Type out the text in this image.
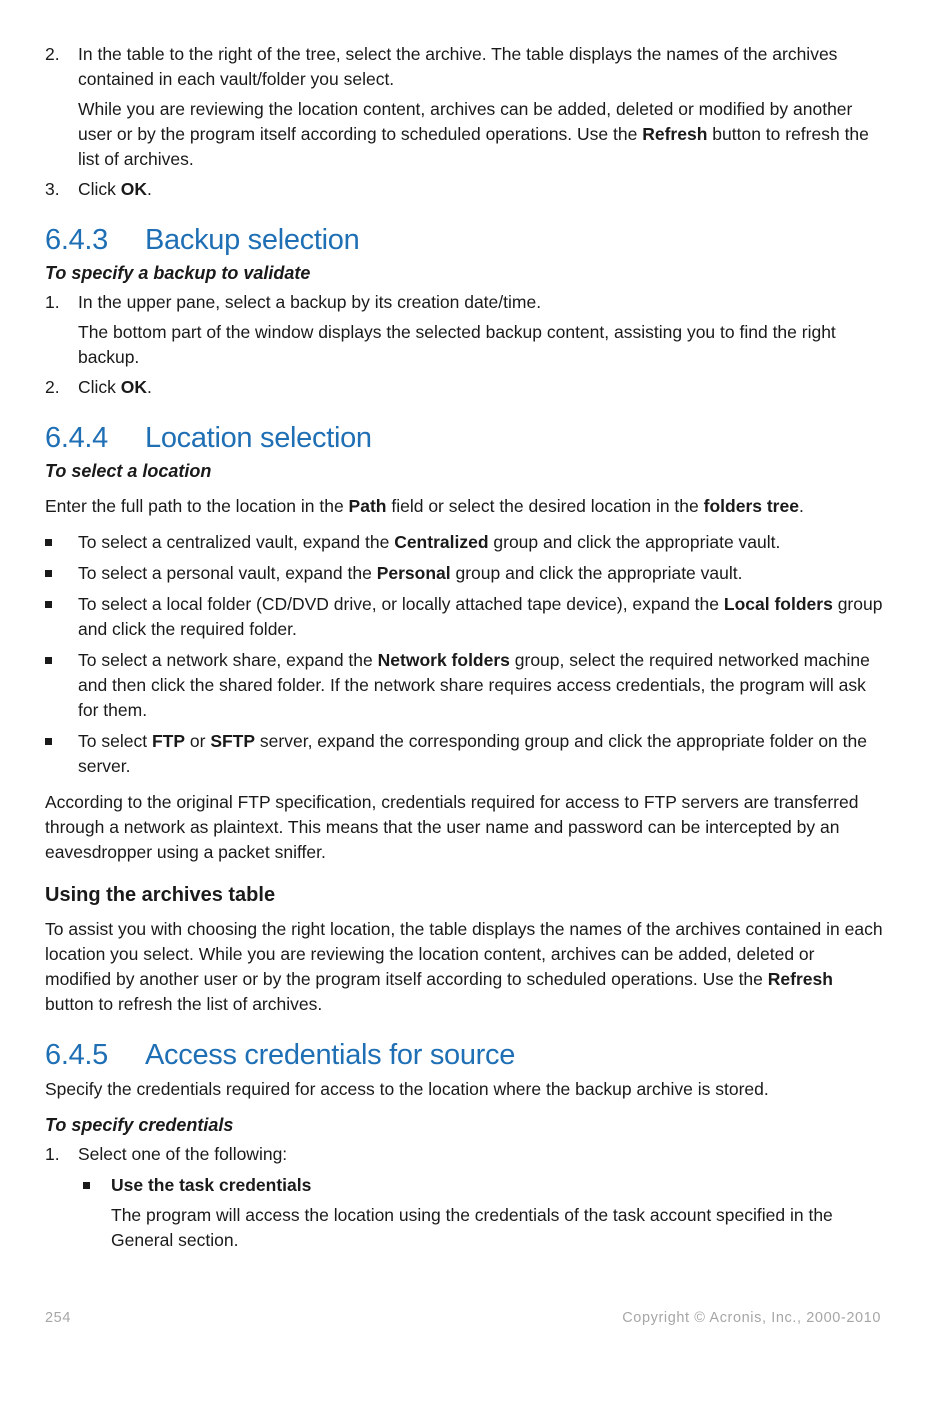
2. In the table to the right of the tree, select the archive. The table displays the names of the archives contained in each vault/folder you select.
While you are reviewing the location content, archives can be added, deleted or modified by another user or by the program itself according to scheduled operations. Use the Refresh button to refresh the list of archives.
3. Click OK.
6.4.3 Backup selection

To specify a backup to validate

1. In the upper pane, select a backup by its creation date/time.
The bottom part of the window displays the selected backup content, assisting you to find the right backup.
2. Click OK.
6.4.4 Location selection

To select a location

Enter the full path to the location in the Path field or select the desired location in the folders tree.

To select a centralized vault, expand the Centralized group and click the appropriate vault.
To select a personal vault, expand the Personal group and click the appropriate vault.
To select a local folder (CD/DVD drive, or locally attached tape device), expand the Local folders group and click the required folder.
To select a network share, expand the Network folders group, select the required networked machine and then click the shared folder. If the network share requires access credentials, the program will ask for them.
To select FTP or SFTP server, expand the corresponding group and click the appropriate folder on the server.

According to the original FTP specification, credentials required for access to FTP servers are transferred through a network as plaintext. This means that the user name and password can be intercepted by an eavesdropper using a packet sniffer.

Using the archives table

To assist you with choosing the right location, the table displays the names of the archives contained in each location you select. While you are reviewing the location content, archives can be added, deleted or modified by another user or by the program itself according to scheduled operations. Use the Refresh button to refresh the list of archives.

6.4.5 Access credentials for source

Specify the credentials required for access to the location where the backup archive is stored.

To specify credentials

1. Select one of the following:
Use the task credentials
The program will access the location using the credentials of the task account specified in the General section.
254	Copyright © Acronis, Inc., 2000-2010
